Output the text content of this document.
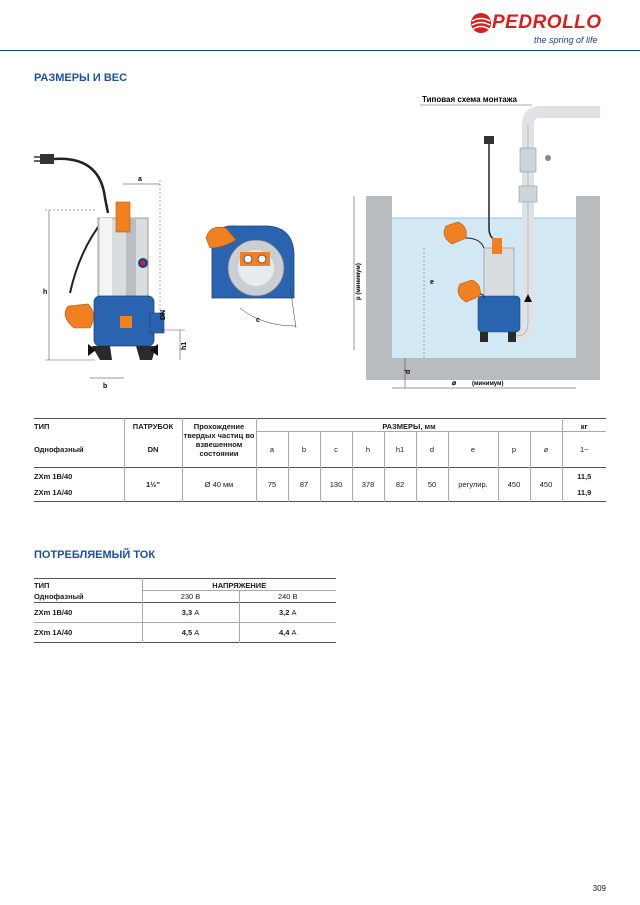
PEDROLLO
the spring of life
РАЗМЕРЫ И ВЕС
h
a
DN
h1
b
c
Типовая схема монтажа
p (минимум)	e
d
⌀	(минимум)
ТИП	ПАТРУБОК	Прохождение твердых частиц во взвешенном состоянии	РАЗМЕРЫ, мм									кг
Однофазный	DN		a	b	c	h	h1	d	e	p	⌀	1~
ZXm 1B/40	1½"	Ø 40 мм	75	87	130	378	82	50	регулир.	450	450	11,5
ZXm 1A/40												11,9
ПОТРЕБЛЯЕМЫЙ ТОК
ТИП	НАПРЯЖЕНИЕ	
Однофазный	230 В	240 В
ZXm 1B/40	3,3 А	3,2 А
ZXm 1A/40	4,5 А	4,4 А
309
